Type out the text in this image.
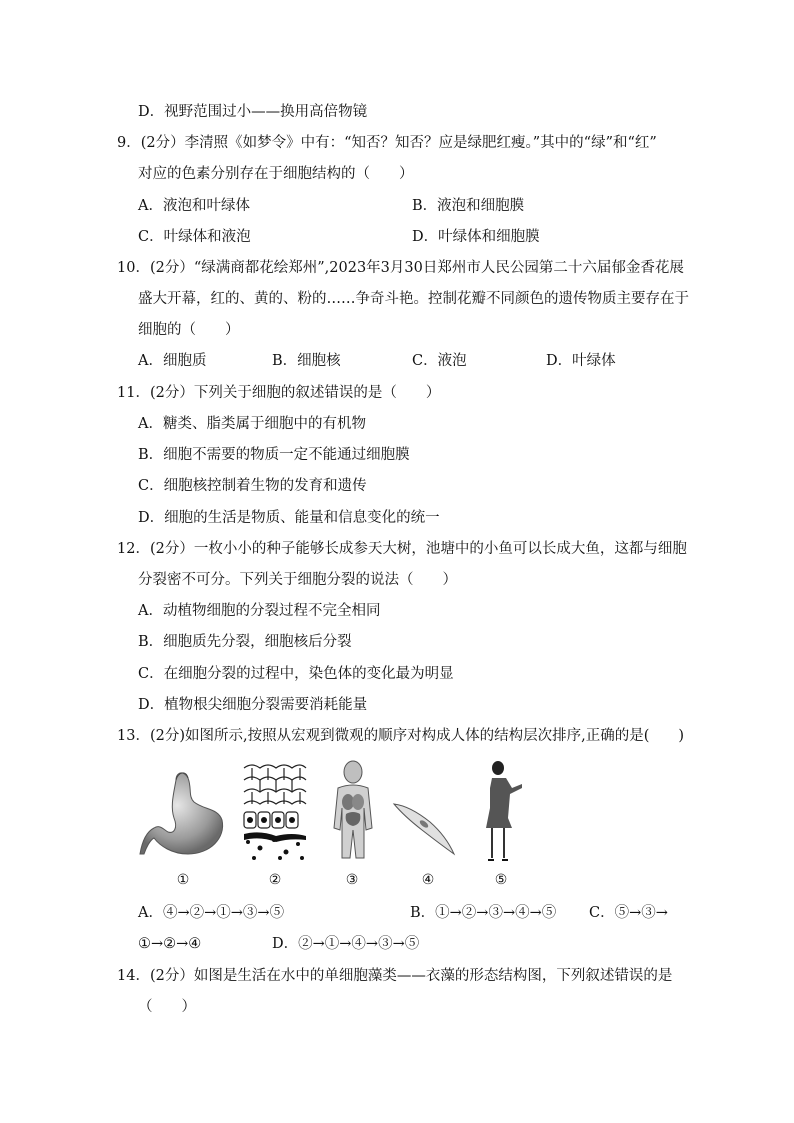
D．视野范围过小——换用高倍物镜
9．(2分）李清照《如梦令》中有：“知否？知否？应是绿肥红瘦。”其中的“绿”和“红”
对应的色素分别存在于细胞结构的（　　）
A．液泡和叶绿体	B．液泡和细胞膜
C．叶绿体和液泡	D．叶绿体和细胞膜
10．(2分）“绿满商都花绘郑州”,2023年3月30日郑州市人民公园第二十六届郁金香花展
盛大开幕，红的、黄的、粉的……争奇斗艳。控制花瓣不同颜色的遗传物质主要存在于
细胞的（　　）
A．细胞质	B．细胞核	C．液泡	D．叶绿体
11．(2分）下列关于细胞的叙述错误的是（　　）
A．糖类、脂类属于细胞中的有机物
B．细胞不需要的物质一定不能通过细胞膜
C．细胞核控制着生物的发育和遗传
D．细胞的生活是物质、能量和信息变化的统一
12．(2分）一枚小小的种子能够长成参天大树，池塘中的小鱼可以长成大鱼，这都与细胞
分裂密不可分。下列关于细胞分裂的说法（　　）
A．动植物细胞的分裂过程不完全相同
B．细胞质先分裂，细胞核后分裂
C．在细胞分裂的过程中，染色体的变化最为明显
D．植物根尖细胞分裂需要消耗能量
13．(2分)如图所示,按照从宏观到微观的顺序对构成人体的结构层次排序,正确的是(　　)
①	②	③	④	⑤
A．④→②→①→③→⑤	B．①→②→③→④→⑤ C．⑤→③→
①→②→④	D．②→①→④→③→⑤
14．(2分）如图是生活在水中的单细胞藻类——衣藻的形态结构图，下列叙述错误的是
（　　）
